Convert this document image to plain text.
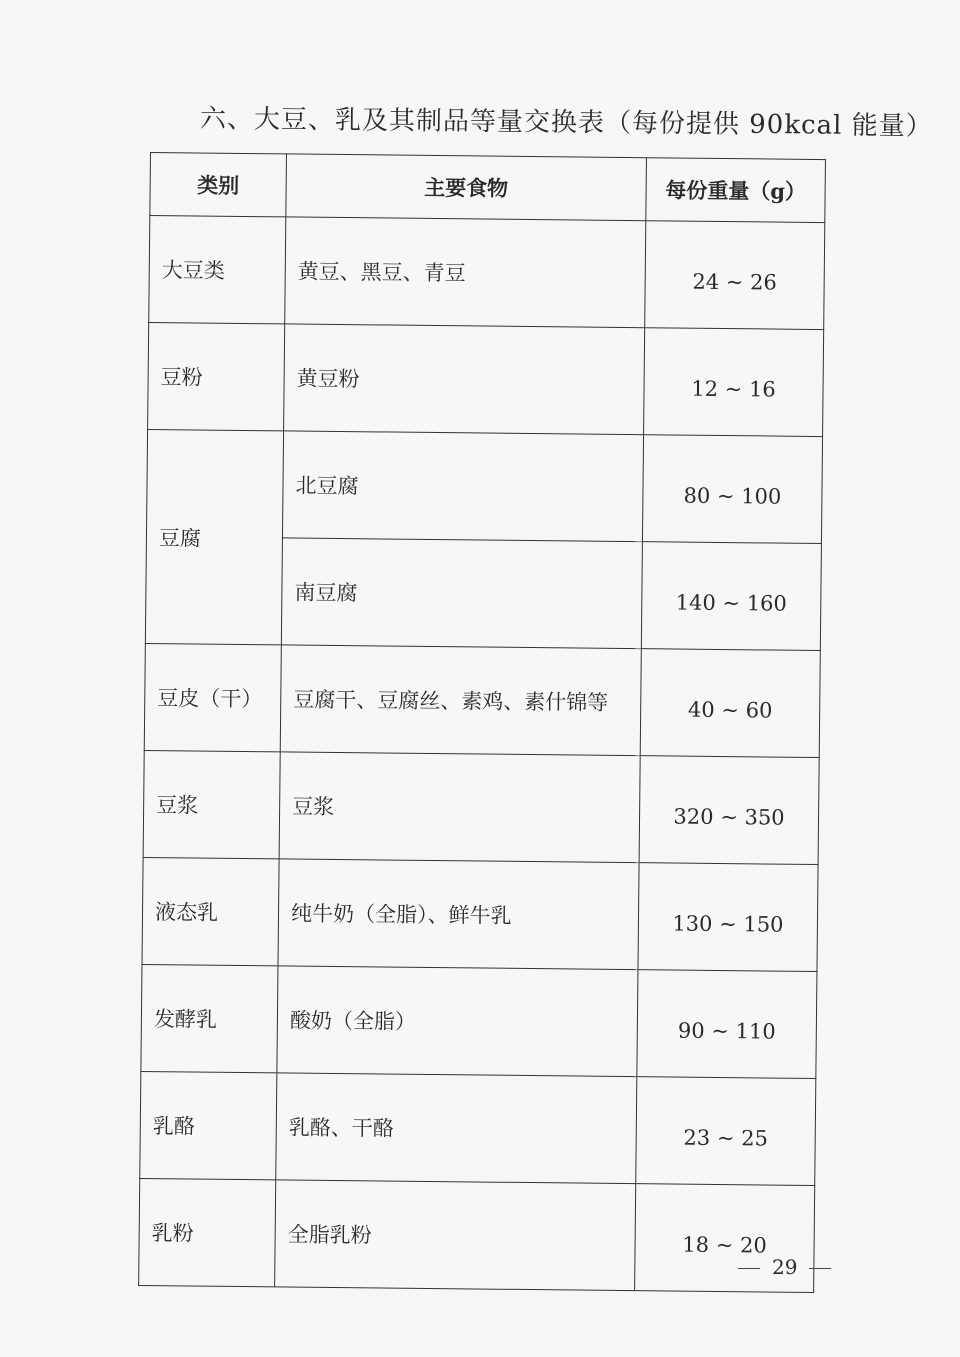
六、大豆、乳及其制品等量交换表（每份提供 90kcal 能量）
类别	主要食物	每份重量（g）
大豆类	黄豆、黑豆、青豆	24 ~ 26
豆粉	黄豆粉	12 ~ 16
豆腐	北豆腐	80 ~ 100
	南豆腐	140 ~ 160
豆皮（干）	豆腐干、豆腐丝、素鸡、素什锦等	40 ~ 60
豆浆	豆浆	320 ~ 350
液态乳	纯牛奶（全脂）、鲜牛乳	130 ~ 150
发酵乳	酸奶（全脂）	90 ~ 110
乳酪	乳酪、干酪	23 ~ 25
乳粉	全脂乳粉	18 ~ 20
29
